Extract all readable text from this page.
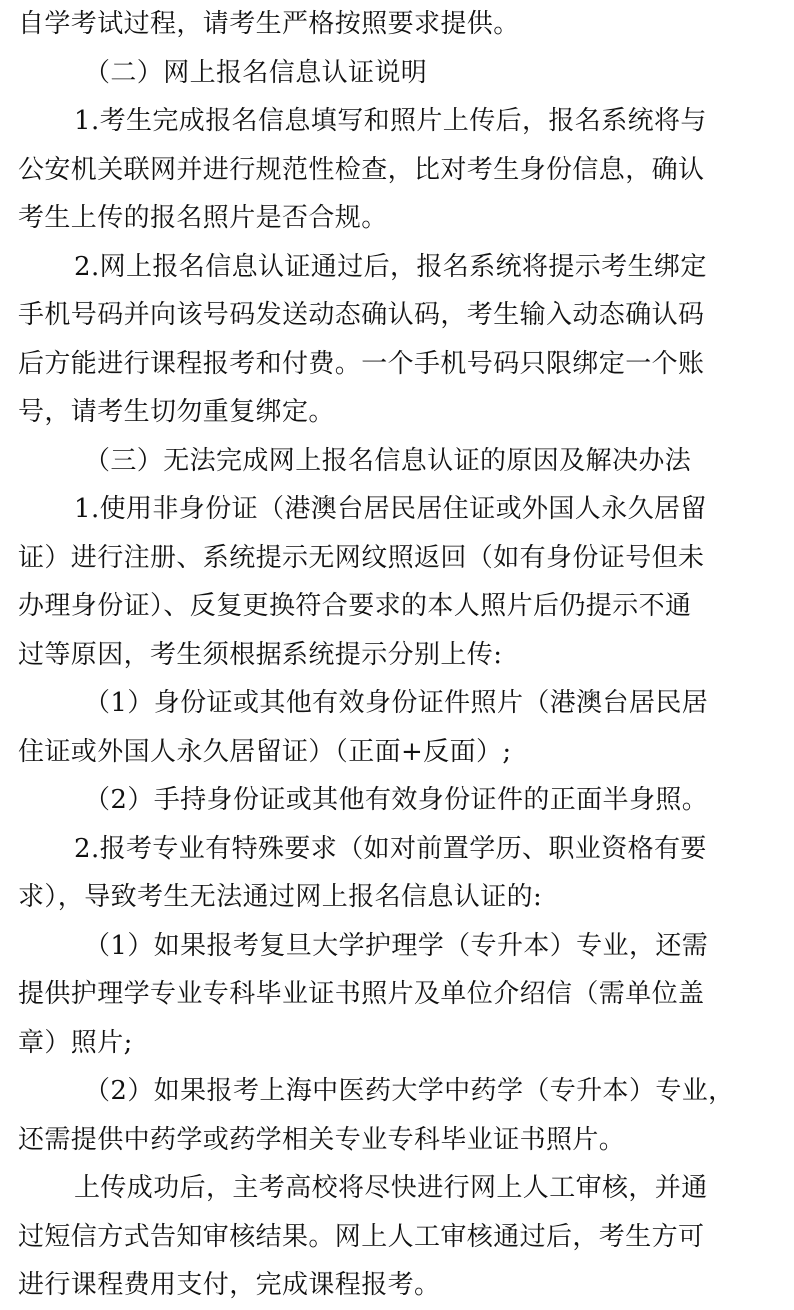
自学考试过程，请考生严格按照要求提供。
（二）网上报名信息认证说明
1.考生完成报名信息填写和照片上传后，报名系统将与
公安机关联网并进行规范性检查，比对考生身份信息，确认
考生上传的报名照片是否合规。
2.网上报名信息认证通过后，报名系统将提示考生绑定
手机号码并向该号码发送动态确认码，考生输入动态确认码
后方能进行课程报考和付费。一个手机号码只限绑定一个账
号，请考生切勿重复绑定。
（三）无法完成网上报名信息认证的原因及解决办法
1.使用非身份证（港澳台居民居住证或外国人永久居留
证）进行注册、系统提示无网纹照返回（如有身份证号但未
办理身份证）、反复更换符合要求的本人照片后仍提示不通
过等原因，考生须根据系统提示分别上传:
（1）身份证或其他有效身份证件照片（港澳台居民居
住证或外国人永久居留证）（正面+反面）;
（2）手持身份证或其他有效身份证件的正面半身照。
2.报考专业有特殊要求（如对前置学历、职业资格有要
求），导致考生无法通过网上报名信息认证的:
（1）如果报考复旦大学护理学（专升本）专业，还需
提供护理学专业专科毕业证书照片及单位介绍信（需单位盖
章）照片;
（2）如果报考上海中医药大学中药学（专升本）专业，
还需提供中药学或药学相关专业专科毕业证书照片。
上传成功后，主考高校将尽快进行网上人工审核，并通
过短信方式告知审核结果。网上人工审核通过后，考生方可
进行课程费用支付，完成课程报考。
